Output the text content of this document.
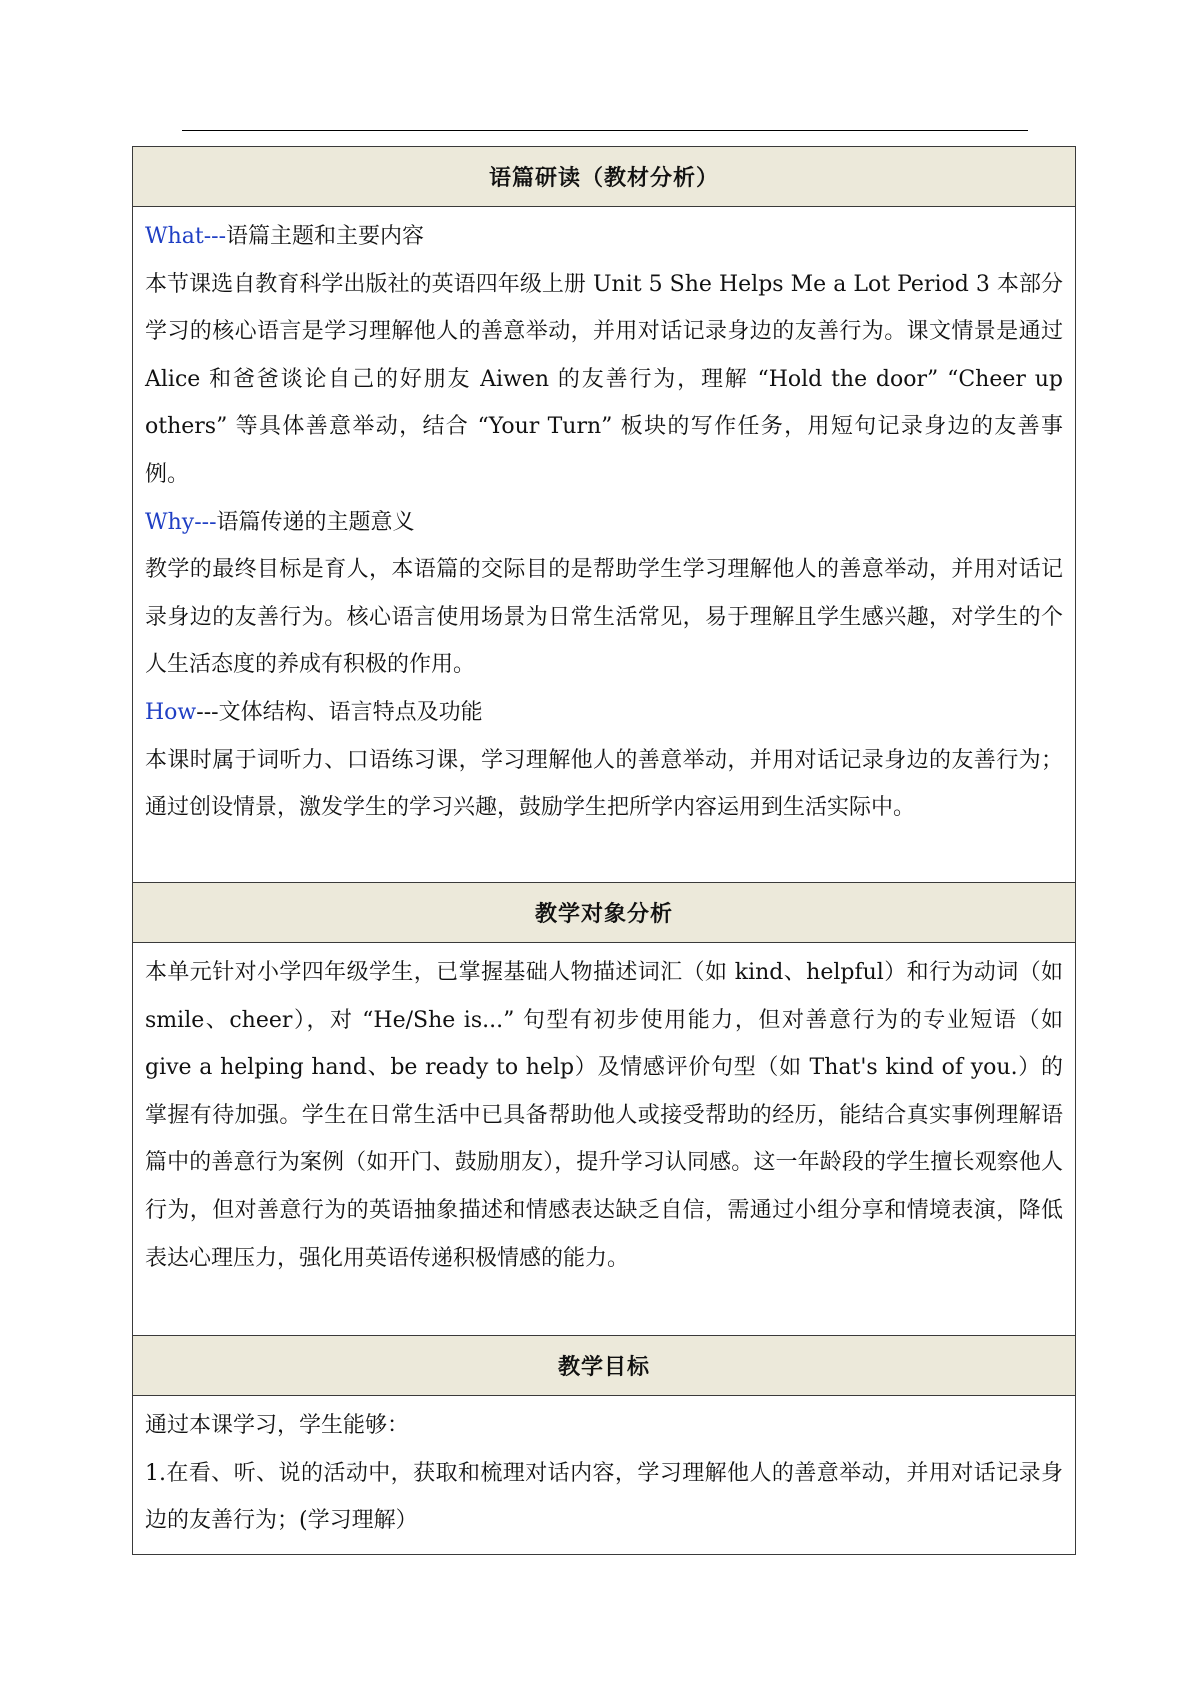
语篇研读（教材分析）

What---语篇主题和主要内容

本节课选自教育科学出版社的英语四年级上册 Unit 5 She Helps Me a Lot Period 3 本部分学习的核心语言是学习理解他人的善意举动，并用对话记录身边的友善行为。课文情景是通过 Alice 和爸爸谈论自己的好朋友 Aiwen 的友善行为，理解 “Hold the door” “Cheer up others” 等具体善意举动，结合 “Your Turn” 板块的写作任务，用短句记录身边的友善事例。

Why---语篇传递的主题意义

教学的最终目标是育人，本语篇的交际目的是帮助学生学习理解他人的善意举动，并用对话记录身边的友善行为。核心语言使用场景为日常生活常见，易于理解且学生感兴趣，对学生的个人生活态度的养成有积极的作用。

How---文体结构、语言特点及功能

本课时属于词听力、口语练习课，学习理解他人的善意举动，并用对话记录身边的友善行为；通过创设情景，激发学生的学习兴趣，鼓励学生把所学内容运用到生活实际中。

教学对象分析

本单元针对小学四年级学生，已掌握基础人物描述词汇（如 kind、helpful）和行为动词（如 smile、cheer），对 “He/She is...” 句型有初步使用能力，但对善意行为的专业短语（如 give a helping hand、be ready to help）及情感评价句型（如 That's kind of you.）的掌握有待加强。学生在日常生活中已具备帮助他人或接受帮助的经历，能结合真实事例理解语篇中的善意行为案例（如开门、鼓励朋友），提升学习认同感。这一年龄段的学生擅长观察他人行为，但对善意行为的英语抽象描述和情感表达缺乏自信，需通过小组分享和情境表演，降低表达心理压力，强化用英语传递积极情感的能力。

教学目标

通过本课学习，学生能够：

1.在看、听、说的活动中，获取和梳理对话内容，学习理解他人的善意举动，并用对话记录身边的友善行为；(学习理解）
